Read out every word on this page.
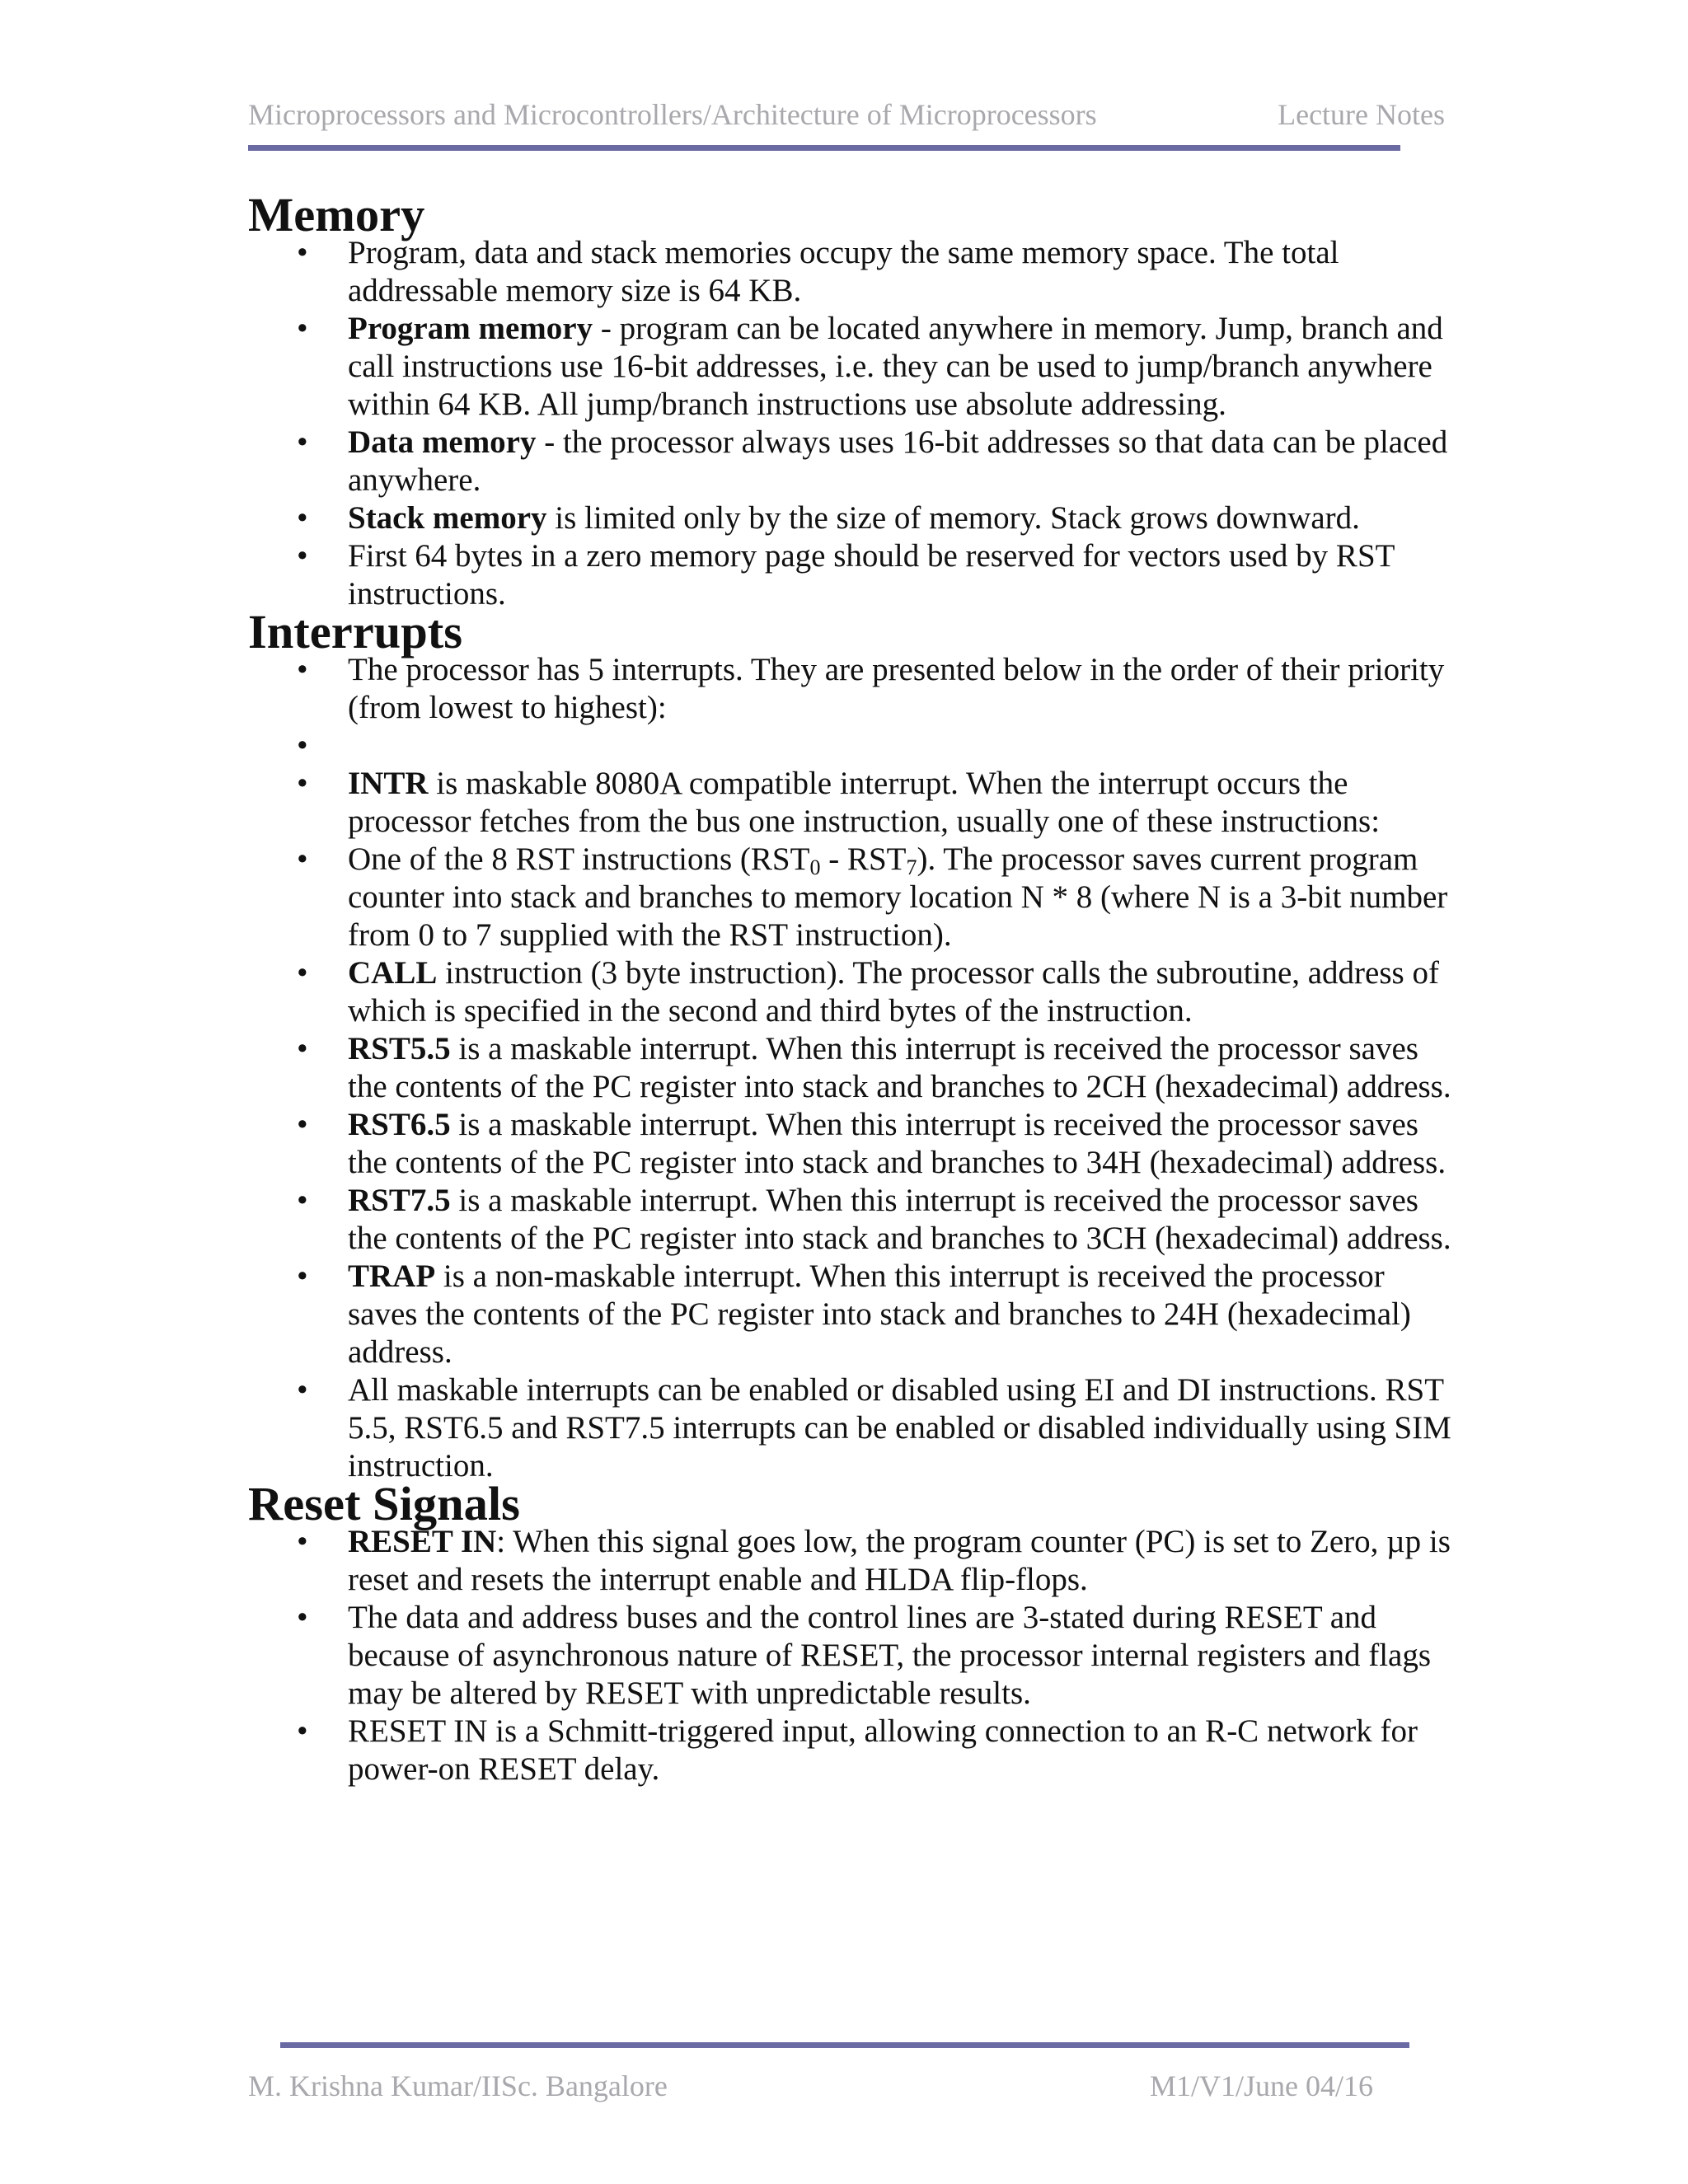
Microprocessors and Microcontrollers/Architecture of Microprocessors	Lecture Notes
Memory
• Program, data and stack memories occupy the same memory space. The total addressable memory size is 64 KB.
• Program memory - program can be located anywhere in memory. Jump, branch and call instructions use 16-bit addresses, i.e. they can be used to jump/branch anywhere within 64 KB. All jump/branch instructions use absolute addressing.
• Data memory - the processor always uses 16-bit addresses so that data can be placed anywhere.
• Stack memory is limited only by the size of memory. Stack grows downward.
• First 64 bytes in a zero memory page should be reserved for vectors used by RST instructions.
Interrupts
• The processor has 5 interrupts. They are presented below in the order of their priority (from lowest to highest):
•
• INTR is maskable 8080A compatible interrupt. When the interrupt occurs the processor fetches from the bus one instruction, usually one of these instructions:
• One of the 8 RST instructions $(RST_0 - RST_7)$. The processor saves current program counter into stack and branches to memory location N * 8 (where N is a 3-bit number from 0 to 7 supplied with the RST instruction).
• CALL instruction (3 byte instruction). The processor calls the subroutine, address of which is specified in the second and third bytes of the instruction.
• RST5.5 is a maskable interrupt. When this interrupt is received the processor saves the contents of the PC register into stack and branches to 2CH (hexadecimal) address.
• RST6.5 is a maskable interrupt. When this interrupt is received the processor saves the contents of the PC register into stack and branches to 34H (hexadecimal) address.
• RST7.5 is a maskable interrupt. When this interrupt is received the processor saves the contents of the PC register into stack and branches to 3CH (hexadecimal) address.
• TRAP is a non-maskable interrupt. When this interrupt is received the processor saves the contents of the PC register into stack and branches to 24H (hexadecimal) address.
• All maskable interrupts can be enabled or disabled using EI and DI instructions. RST 5.5, RST6.5 and RST7.5 interrupts can be enabled or disabled individually using SIM instruction.
Reset Signals
• RESET IN: When this signal goes low, the program counter (PC) is set to Zero, µp is reset and resets the interrupt enable and HLDA flip-flops.
• The data and address buses and the control lines are 3-stated during RESET and because of asynchronous nature of RESET, the processor internal registers and flags may be altered by RESET with unpredictable results.
• RESET IN is a Schmitt-triggered input, allowing connection to an R-C network for power-on RESET delay.
M. Krishna Kumar/IISc. Bangalore	M1/V1/June 04/16
